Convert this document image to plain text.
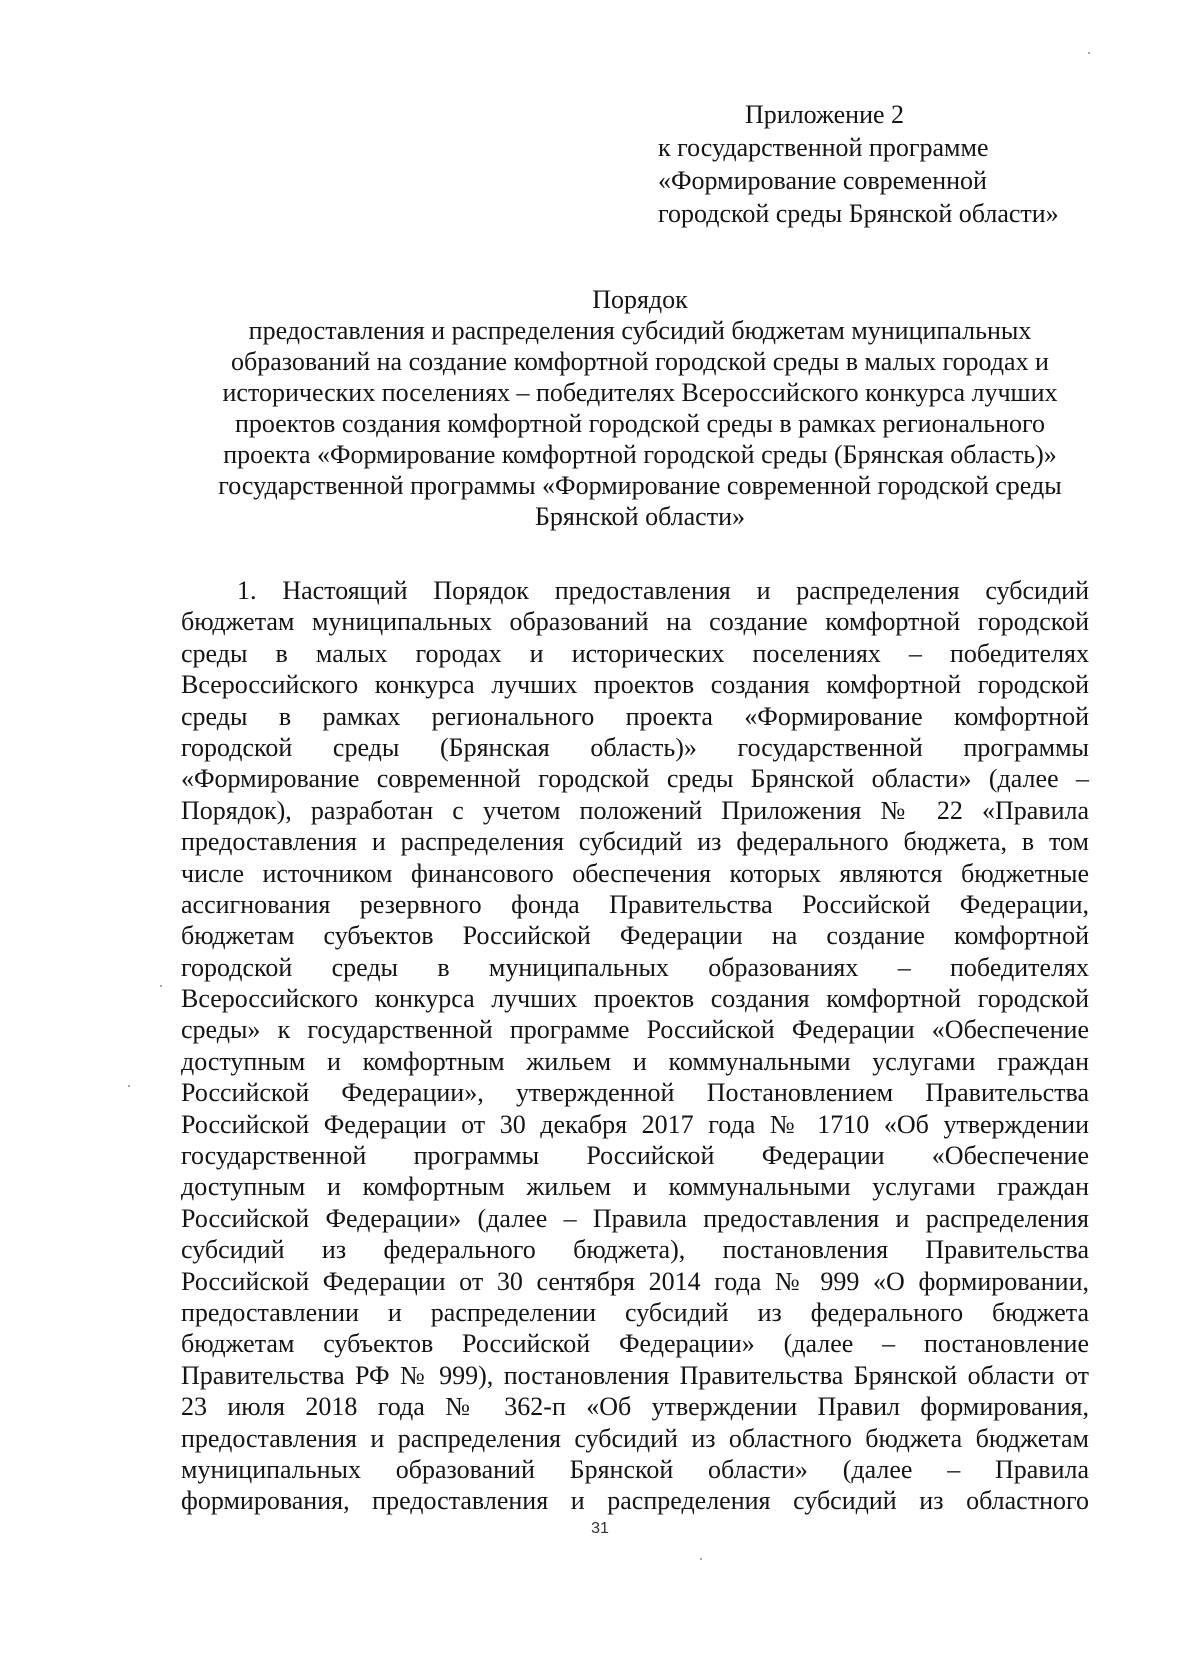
Приложение 2
к государственной программе
«Формирование современной
городской среды Брянской области»
Порядок
предоставления и распределения субсидий бюджетам муниципальных
образований на создание комфортной городской среды в малых городах и
исторических поселениях – победителях Всероссийского конкурса лучших
проектов создания комфортной городской среды в рамках регионального
проекта «Формирование комфортной городской среды (Брянская область)»
государственной программы «Формирование современной городской среды
Брянской области»
1. Настоящий Порядок предоставления и распределения субсидий
бюджетам муниципальных образований на создание комфортной городской
среды в малых городах и исторических поселениях – победителях
Всероссийского конкурса лучших проектов создания комфортной городской
среды в рамках регионального проекта «Формирование комфортной
городской среды (Брянская область)» государственной программы
«Формирование современной городской среды Брянской области» (далее –
Порядок), разработан с учетом положений Приложения № 22 «Правила
предоставления и распределения субсидий из федерального бюджета, в том
числе источником финансового обеспечения которых являются бюджетные
ассигнования резервного фонда Правительства Российской Федерации,
бюджетам субъектов Российской Федерации на создание комфортной
городской среды в муниципальных образованиях – победителях
Всероссийского конкурса лучших проектов создания комфортной городской
среды» к государственной программе Российской Федерации «Обеспечение
доступным и комфортным жильем и коммунальными услугами граждан
Российской Федерации», утвержденной Постановлением Правительства
Российской Федерации от 30 декабря 2017 года № 1710 «Об утверждении
государственной программы Российской Федерации «Обеспечение
доступным и комфортным жильем и коммунальными услугами граждан
Российской Федерации» (далее – Правила предоставления и распределения
субсидий из федерального бюджета), постановления Правительства
Российской Федерации от 30 сентября 2014 года № 999 «О формировании,
предоставлении и распределении субсидий из федерального бюджета
бюджетам субъектов Российской Федерации» (далее – постановление
Правительства РФ № 999), постановления Правительства Брянской области от
23 июля 2018 года № 362-п «Об утверждении Правил формирования,
предоставления и распределения субсидий из областного бюджета бюджетам
муниципальных образований Брянской области» (далее – Правила
формирования, предоставления и распределения субсидий из областного
31
